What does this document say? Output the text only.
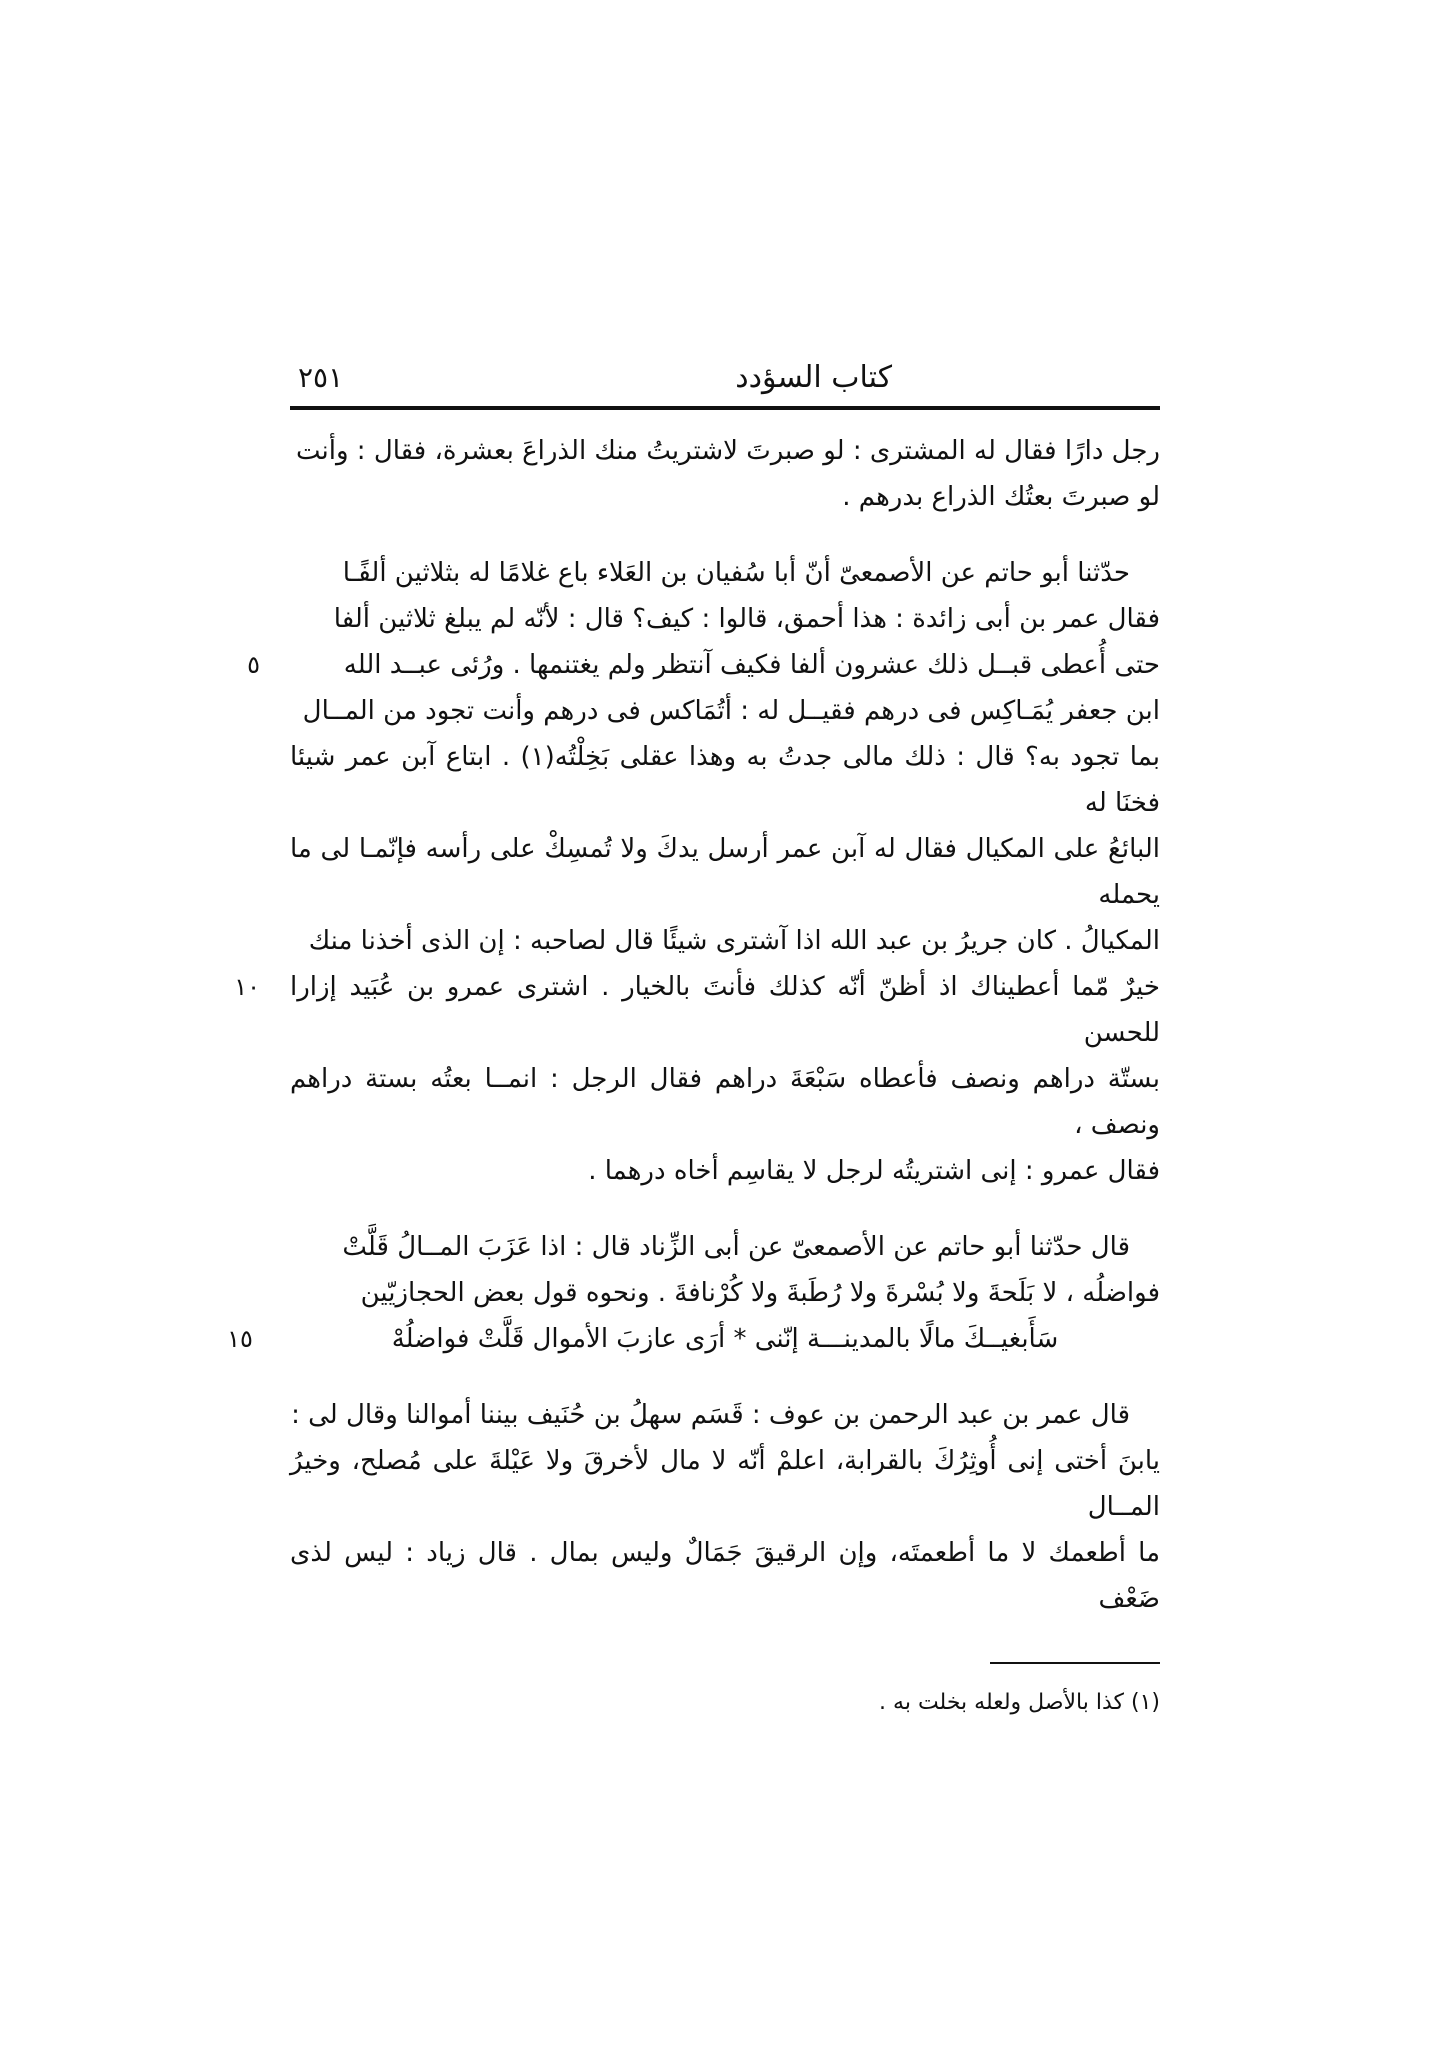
كتاب السؤدد
٢٥١
رجل دارًا فقال له المشترى : لو صبرتَ لاشتريتُ منك الذراعَ بعشرة، فقال : وأنت
لو صبرتَ بعتُك الذراع بدرهم .
حدّثنا أبو حاتم عن الأصمعىّ أنّ أبا سُفيان بن العَلاء باع غلامًا له بثلاثين ألفًـا
فقال عمر بن أبى زائدة : هذا أحمق، قالوا : كيف؟ قال : لأنّه لم يبلغ ثلاثين ألفا
حتى أُعطى قبــل ذلك عشرون ألفا فكيف آنتظر ولم يغتنمها . ورُئى عبــد الله
٥
ابن جعفر يُمَـاكِس فى درهم فقيــل له : أتُمَاكس فى درهم وأنت تجود من المــال
بما تجود به؟ قال : ذلك مالى جدتُ به وهذا عقلى بَخِلْتُه(١) . ابتاع آبن عمر شيئا فخنَا له
البائعُ على المكيال فقال له آبن عمر أرسل يدكَ ولا تُمسِكْ على رأسه فإنّمـا لى ما يحمله
المكيالُ . كان جريرُ بن عبد الله اذا آشترى شيئًا قال لصاحبه : إن الذى أخذنا منك
خيرٌ مّما أعطيناك اذ أظنّ أنّه كذلك فأنتَ بالخيار . اشترى عمرو بن عُبَيد إزارا للحسن
١٠
بستّة دراهم ونصف فأعطاه سَبْعَةَ دراهم فقال الرجل : انمــا بعتُه بستة دراهم ونصف ،
فقال عمرو : إنى اشتريتُه لرجل لا يقاسِم أخاه درهما .
قال حدّثنا أبو حاتم عن الأصمعىّ عن أبى الزِّناد قال : اذا عَزَبَ المــالُ قَلَّتْ
فواضلُه ، لا بَلَحةَ ولا بُسْرةَ ولا رُطَبةَ ولا كُرْنافةَ . ونحوه قول بعض الحجازيّين
سَأَبغيــكَ مالًا بالمدينـــة إنّنى * أرَى عازبَ الأموال قَلَّتْ فواضلُهْ
١٥
قال عمر بن عبد الرحمن بن عوف : قَسَم سهلُ بن حُنَيف بيننا أموالنا وقال لى :
يابنَ أختى إنى أُوثِرُكَ بالقرابة، اعلمْ أنّه لا مال لأخرقَ ولا عَيْلةَ على مُصلح، وخيرُ المــال
ما أطعمك لا ما أطعمتَه، وإن الرقيقَ جَمَالٌ وليس بمال . قال زياد : ليس لذى ضَعْف
(١) كذا بالأصل ولعله بخلت به .
